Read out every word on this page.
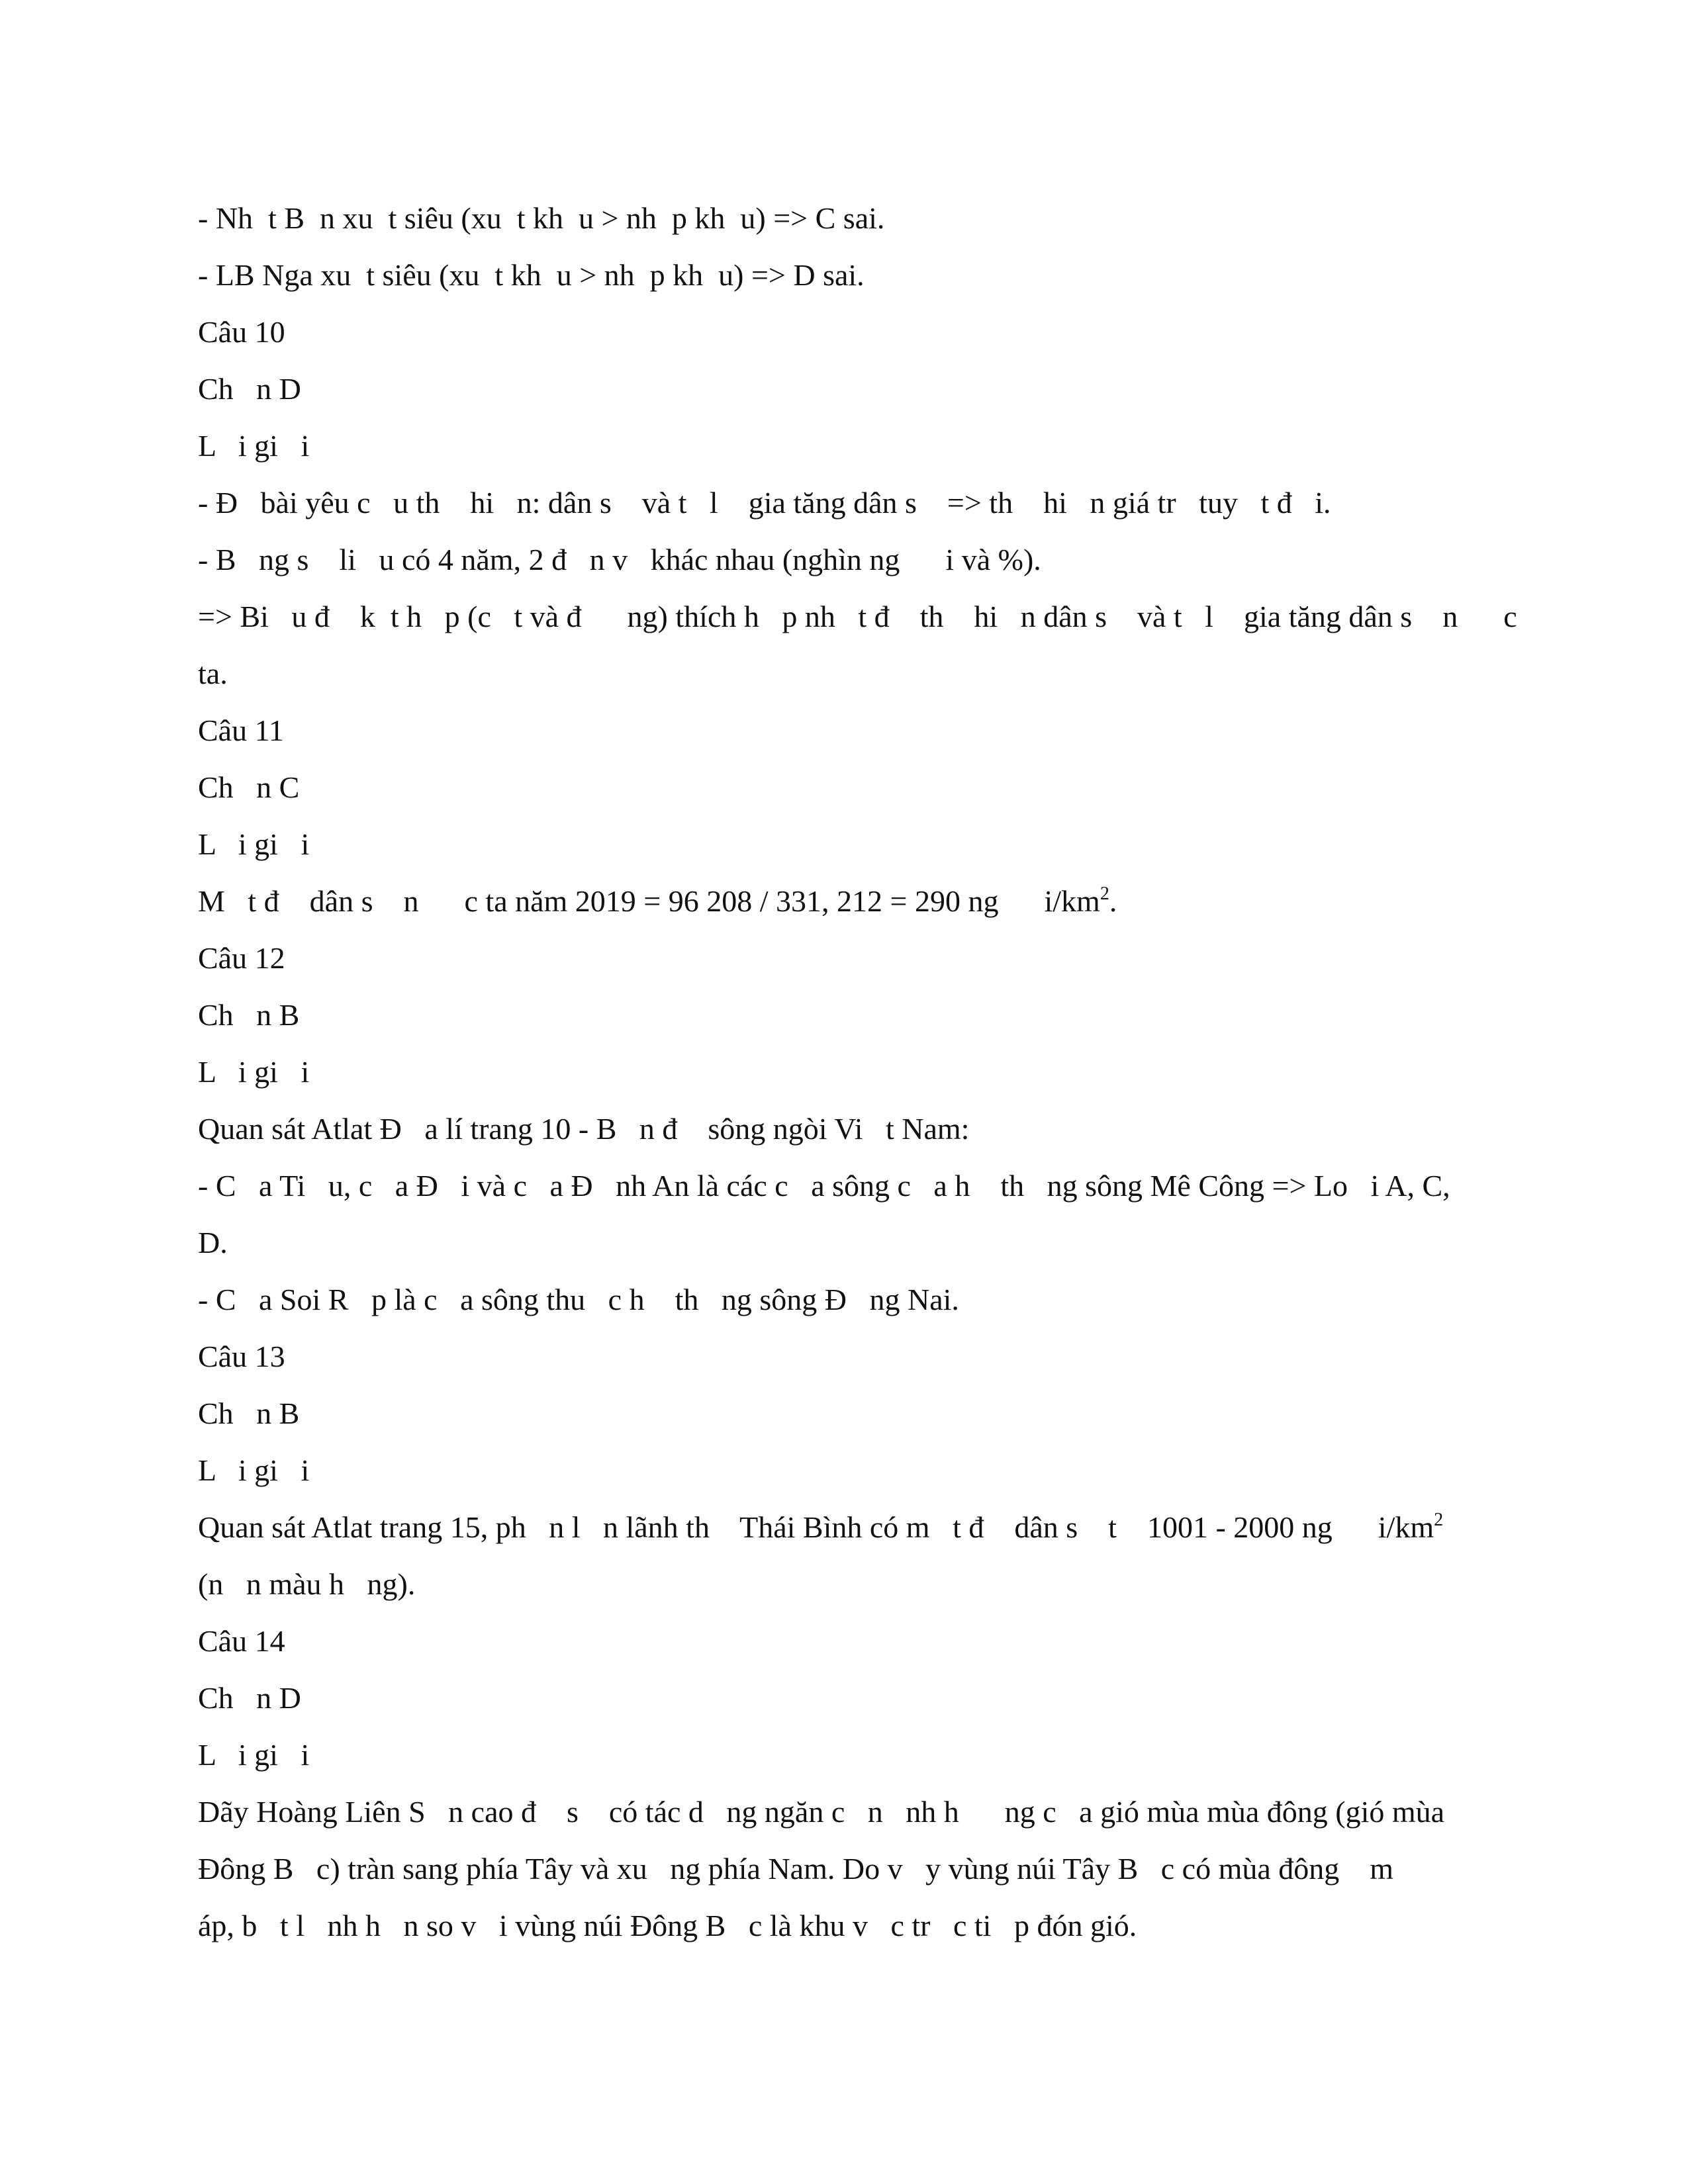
- Nh  t B  n xu  t siêu (xu  t kh  u > nh  p kh  u) => C sai.
- LB Nga xu  t siêu (xu  t kh  u > nh  p kh  u) => D sai.
Câu 10
Ch   n D
L   i gi   i
- Đ   bài yêu c   u th    hi   n: dân s    và t   l    gia tăng dân s    => th    hi   n giá tr   tuy   t đ   i.
- B   ng s    li   u có 4 năm, 2 đ   n v   khác nhau (nghìn ng      i và %).
=> Bi   u đ    k  t h   p (c   t và đ      ng) thích h   p nh   t đ    th    hi   n dân s    và t   l    gia tăng dân s    n      c
ta.
Câu 11
Ch   n C
L   i gi   i
M   t đ    dân s    n      c ta năm 2019 = 96 208 / 331, 212 = 290 ng      $i/km^2$.
Câu 12
Ch   n B
L   i gi   i
Quan sát Atlat Đ   a lí trang 10 - B   n đ    sông ngòi Vi   t Nam:
- C   a Ti   u, c   a Đ   i và c   a Đ   nh An là các c   a sông c   a h    th   ng sông Mê Công => Lo   i A, C,
D.
- C   a Soi R   p là c   a sông thu   c h    th   ng sông Đ   ng Nai.
Câu 13
Ch   n B
L   i gi   i
Quan sát Atlat trang 15, ph   n l   n lãnh th    Thái Bình có m   t đ    dân s    t    1001 - 2000 ng      $i/km^2$
(n   n màu h   ng).
Câu 14
Ch   n D
L   i gi   i
Dãy Hoàng Liên S   n cao đ    s    có tác d   ng ngăn c   n   nh h      ng c   a gió mùa mùa đông (gió mùa
Đông B   c) tràn sang phía Tây và xu   ng phía Nam. Do v   y vùng núi Tây B   c có mùa đông    m
áp, b   t l   nh h   n so v   i vùng núi Đông B   c là khu v   c tr   c ti   p đón gió.
